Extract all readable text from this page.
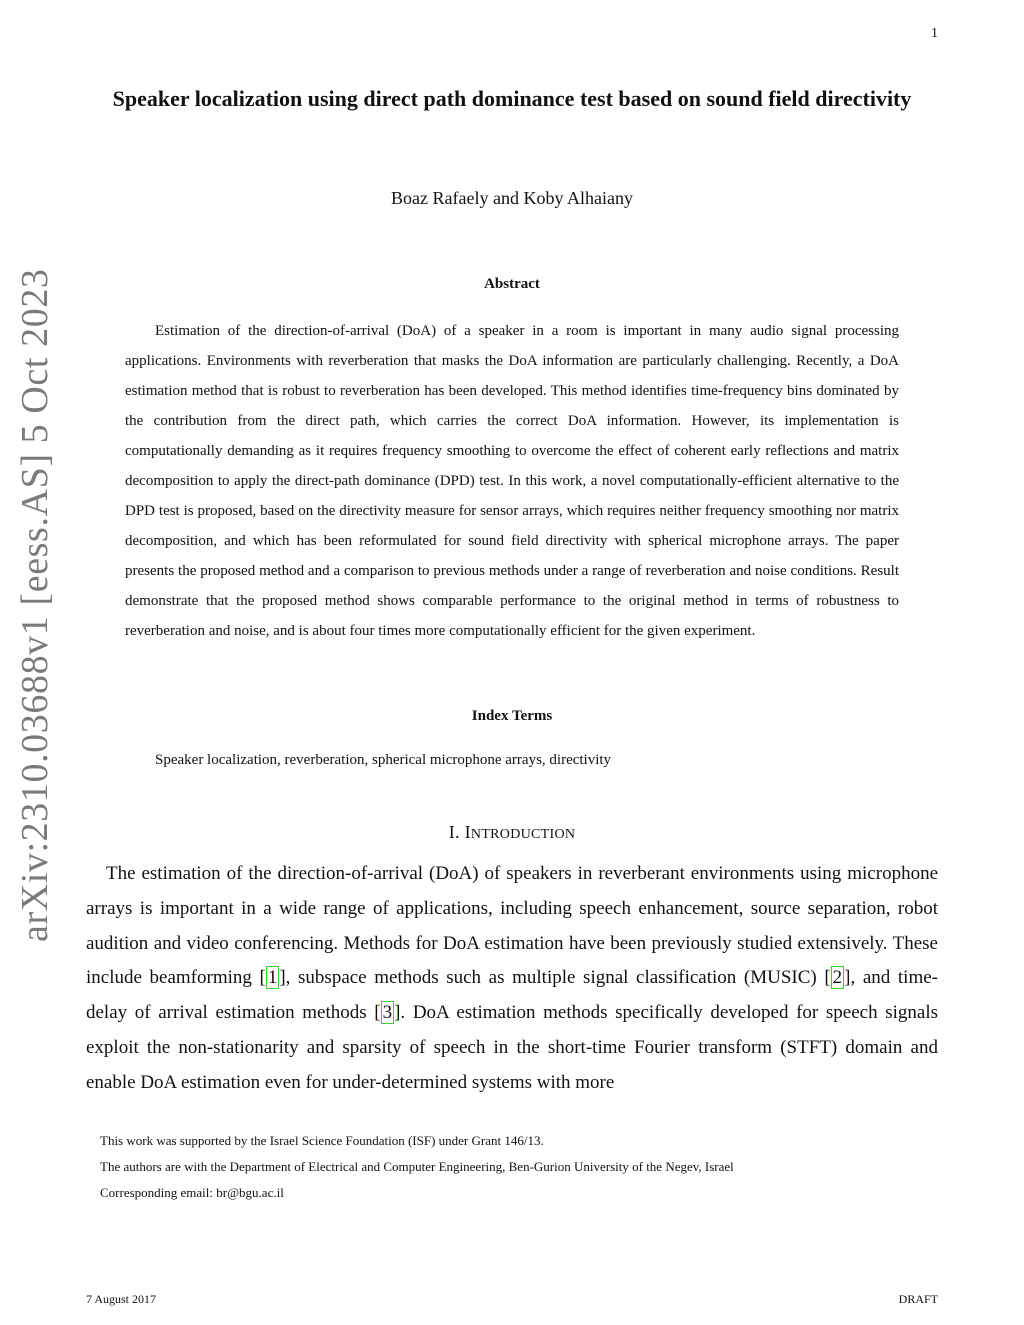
1
arXiv:2310.03688v1 [eess.AS] 5 Oct 2023
Speaker localization using direct path dominance test based on sound field directivity
Boaz Rafaely and Koby Alhaiany
Abstract
Estimation of the direction-of-arrival (DoA) of a speaker in a room is important in many audio signal processing applications. Environments with reverberation that masks the DoA information are particularly challenging. Recently, a DoA estimation method that is robust to reverberation has been developed. This method identifies time-frequency bins dominated by the contribution from the direct path, which carries the correct DoA information. However, its implementation is computationally demanding as it requires frequency smoothing to overcome the effect of coherent early reflections and matrix decomposition to apply the direct-path dominance (DPD) test. In this work, a novel computationally-efficient alternative to the DPD test is proposed, based on the directivity measure for sensor arrays, which requires neither frequency smoothing nor matrix decomposition, and which has been reformulated for sound field directivity with spherical microphone arrays. The paper presents the proposed method and a comparison to previous methods under a range of reverberation and noise conditions. Result demonstrate that the proposed method shows comparable performance to the original method in terms of robustness to reverberation and noise, and is about four times more computationally efficient for the given experiment.
Index Terms
Speaker localization, reverberation, spherical microphone arrays, directivity
I. INTRODUCTION
The estimation of the direction-of-arrival (DoA) of speakers in reverberant environments using microphone arrays is important in a wide range of applications, including speech enhancement, source separation, robot audition and video conferencing. Methods for DoA estimation have been previously studied extensively. These include beamforming [ 1 ], subspace methods such as multiple signal classification (MUSIC) [ 2 ], and time-delay of arrival estimation methods [ 3 ]. DoA estimation methods specifically developed for speech signals exploit the non-stationarity and sparsity of speech in the short-time Fourier transform (STFT) domain and enable DoA estimation even for under-determined systems with more
This work was supported by the Israel Science Foundation (ISF) under Grant 146/13.
The authors are with the Department of Electrical and Computer Engineering, Ben-Gurion University of the Negev, Israel
Corresponding email: br@bgu.ac.il
7 August 2017	DRAFT
